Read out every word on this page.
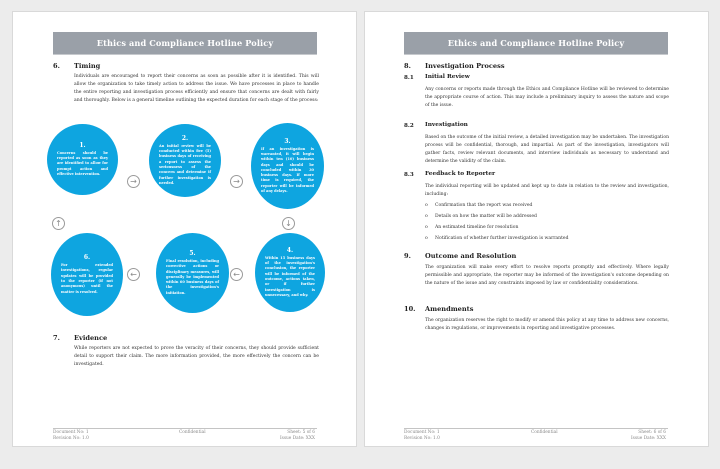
Ethics and Compliance Hotline Policy
6. Timing
Individuals are encouraged to report their concerns as soon as possible after it is identified. This will allow the organization to take timely action to address the issue. We have processes in place to handle the entire reporting and investigation process efficiently and ensure that concerns are dealt with fairly and thoroughly. Below is a general timeline outlining the expected duration for each stage of the process:
1.
Concerns should be reported as soon as they are identified to allow for prompt action and effective intervention.
2.
An initial review will be conducted within five (5) business days of receiving a report to assess the seriousness of the concern and determine if further investigation is needed.
3.
If an investigation is warranted, it will begin within ten (10) business days and should be concluded within 30 business days. If more time is required, the reporter will be informed of any delays.
4.
Within 15 business days of the investigation's conclusion, the reporter will be informed of the outcome, actions taken, or if further investigation is unnecessary, and why.
5.
Final resolution, including corrective actions or disciplinary measures, will generally be implemented within 60 business days of the investigation's initiation.
6.
For extended investigations, regular updates will be provided to the reporter (if not anonymous) until the matter is resolved.
→	→
↓
←
←
↑
7. Evidence
While reporters are not expected to prove the veracity of their concerns, they should provide sufficient detail to support their claim. The more information provided, the more effectively the concern can be investigated.
Document No: 1
Revision No: 1.0
Confidential	Sheet: 5 of 6
Issue Date: XXX
Ethics and Compliance Hotline Policy
8. Investigation Process
8.1 Initial Review
Any concerns or reports made through the Ethics and Compliance Hotline will be reviewed to determine the appropriate course of action. This may include a preliminary inquiry to assess the nature and scope of the issue.
8.2 Investigation
Based on the outcome of the initial review, a detailed investigation may be undertaken. The investigation process will be confidential, thorough, and impartial. As part of the investigation, investigators will gather facts, review relevant documents, and interview individuals as necessary to understand and determine the validity of the claim.
8.3 Feedback to Reporter
The individual reporting will be updated and kept up to date in relation to the review and investigation, including:
o Confirmation that the report was received
o Details on how the matter will be addressed
o An estimated timeline for resolution
o Notification of whether further investigation is warranted
9. Outcome and Resolution
The organization will make every effort to resolve reports promptly and effectively. Where legally permissible and appropriate, the reporter may be informed of the investigation's outcome depending on the nature of the issue and any constraints imposed by law or confidentiality considerations.
10. Amendments
The organization reserves the right to modify or amend this policy at any time to address new concerns, changes in regulations, or improvements in reporting and investigative processes.
Document No: 1
Revision No: 1.0
Confidential	Sheet: 6 of 6
Issue Date: XXX
